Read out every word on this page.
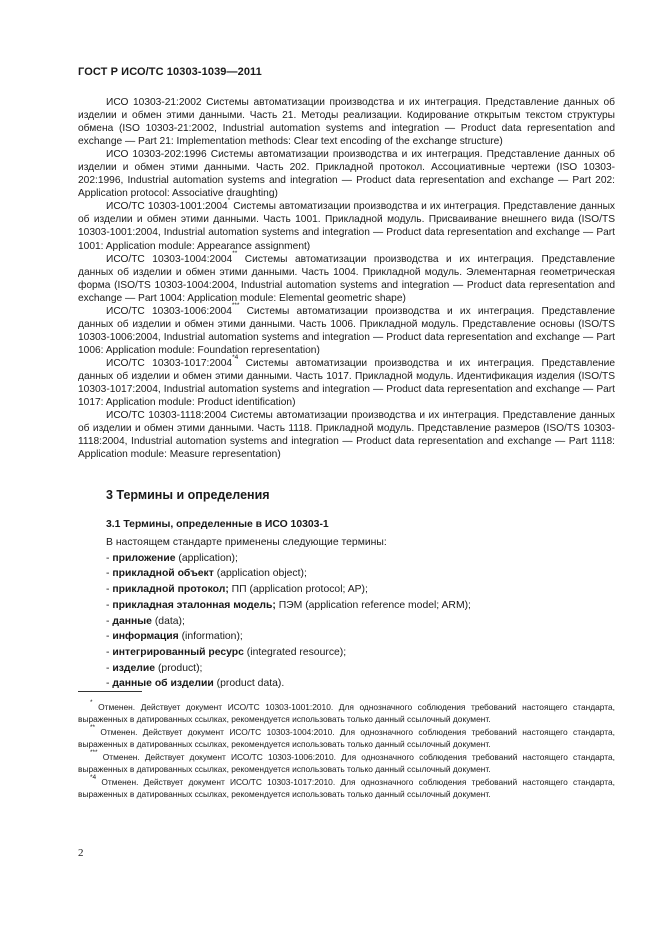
ГОСТ Р ИСО/ТС 10303-1039—2011

ИСО 10303-21:2002 Системы автоматизации производства и их интеграция. Представление данных об изделии и обмен этими данными. Часть 21. Методы реализации. Кодирование открытым текстом структуры обмена (ISO 10303-21:2002, Industrial automation systems and integration — Product data representation and exchange — Part 21: Implementation methods: Clear text encoding of the exchange structure)

ИСО 10303-202:1996 Системы автоматизации производства и их интеграция. Представление данных об изделии и обмен этими данными. Часть 202. Прикладной протокол. Ассоциативные чертежи (ISO 10303-202:1996, Industrial automation systems and integration — Product data representation and exchange — Part 202: Application protocol: Associative draughting)

ИСО/ТС 10303-1001:2004* Системы автоматизации производства и их интеграция. Представление данных об изделии и обмен этими данными. Часть 1001. Прикладной модуль. Присваивание внешнего вида (ISO/TS 10303-1001:2004, Industrial automation systems and integration — Product data representation and exchange — Part 1001: Application module: Appearance assignment)

ИСО/ТС 10303-1004:2004** Системы автоматизации производства и их интеграция. Представление данных об изделии и обмен этими данными. Часть 1004. Прикладной модуль. Элементарная геометрическая форма (ISO/TS 10303-1004:2004, Industrial automation systems and integration — Product data representation and exchange — Part 1004: Application module: Elemental geometric shape)

ИСО/ТС 10303-1006:2004*** Системы автоматизации производства и их интеграция. Представление данных об изделии и обмен этими данными. Часть 1006. Прикладной модуль. Представление основы (ISO/TS 10303-1006:2004, Industrial automation systems and integration — Product data representation and exchange — Part 1006: Application module: Foundation representation)

ИСО/ТС 10303-1017:2004$^{*4}$ Системы автоматизации производства и их интеграция. Представление данных об изделии и обмен этими данными. Часть 1017. Прикладной модуль. Идентификация изделия (ISO/TS 10303-1017:2004, Industrial automation systems and integration — Product data representation and exchange — Part 1017: Application module: Product identification)

ИСО/ТС 10303-1118:2004 Системы автоматизации производства и их интеграция. Представление данных об изделии и обмен этими данными. Часть 1118. Прикладной модуль. Представление размеров (ISO/TS 10303-1118:2004, Industrial automation systems and integration — Product data representation and exchange — Part 1118: Application module: Measure representation)

3 Термины и определения
3.1 Термины, определенные в ИСО 10303-1

В настоящем стандарте применены следующие термины:

- приложение (application);

- прикладной объект (application object);

- прикладной протокол; ПП (application protocol; AP);

- прикладная эталонная модель; ПЭМ (application reference model; ARM);

- данные (data);

- информация (information);

- интегрированный ресурс (integrated resource);

- изделие (product);

- данные об изделии (product data).

* Отменен. Действует документ ИСО/ТС 10303-1001:2010. Для однозначного соблюдения требований настоящего стандарта, выраженных в датированных ссылках, рекомендуется использовать только данный ссылочный документ.

** Отменен. Действует документ ИСО/ТС 10303-1004:2010. Для однозначного соблюдения требований настоящего стандарта, выраженных в датированных ссылках, рекомендуется использовать только данный ссылочный документ.

*** Отменен. Действует документ ИСО/ТС 10303-1006:2010. Для однозначного соблюдения требований настоящего стандарта, выраженных в датированных ссылках, рекомендуется использовать только данный ссылочный документ.

$^{*4}$ Отменен. Действует документ ИСО/ТС 10303-1017:2010. Для однозначного соблюдения требований настоящего стандарта, выраженных в датированных ссылках, рекомендуется использовать только данный ссылочный документ.

2
